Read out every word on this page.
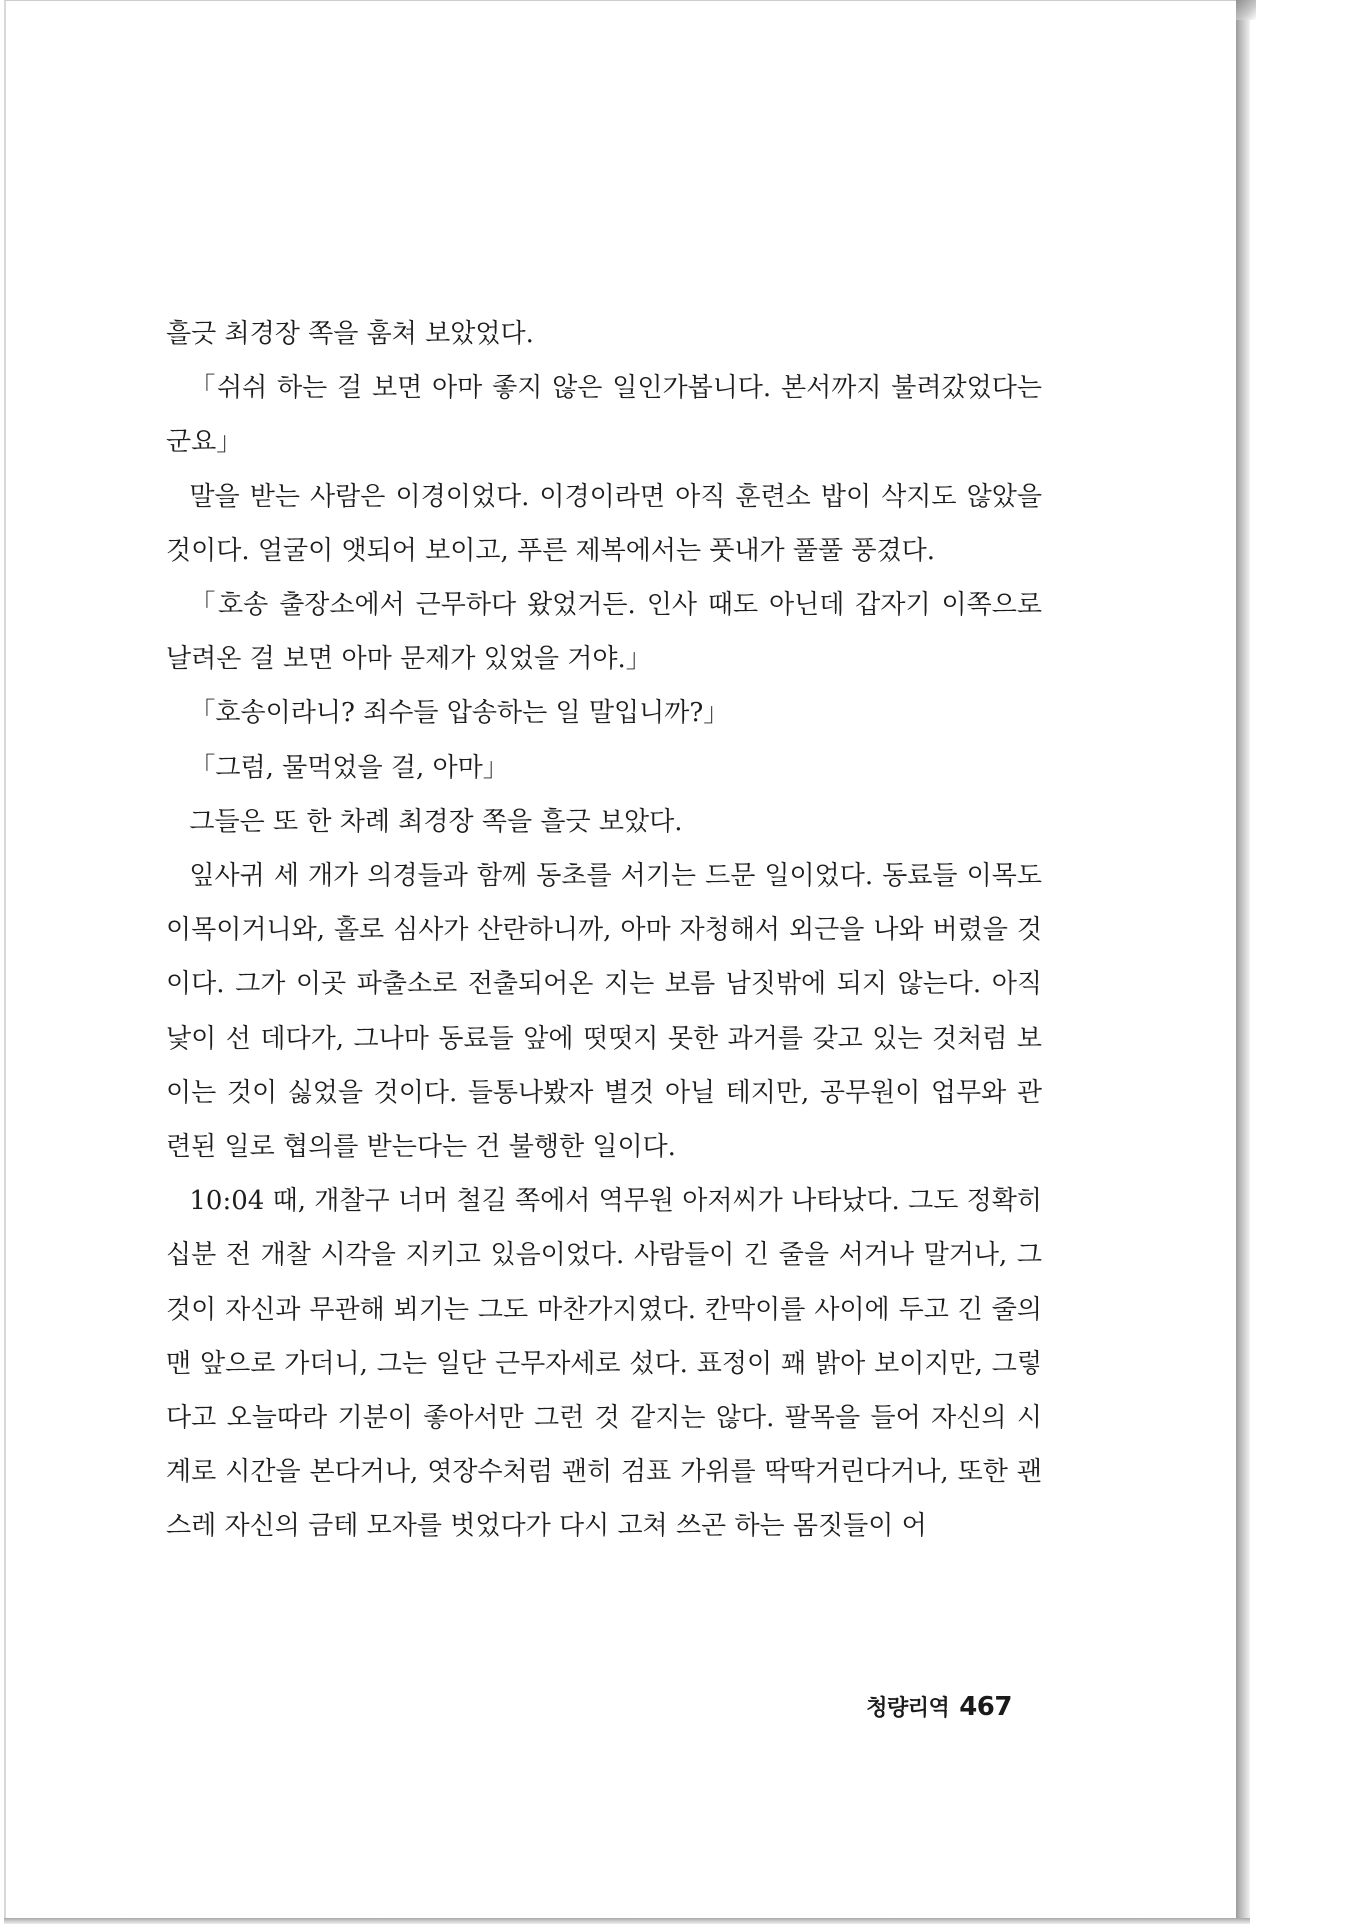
흘긋 최경장 쪽을 훔쳐 보았었다.

「쉬쉬 하는 걸 보면 아마 좋지 않은 일인가봅니다. 본서까지 불려갔었다는군요」

말을 받는 사람은 이경이었다. 이경이라면 아직 훈련소 밥이 삭지도 않았을 것이다. 얼굴이 앳되어 보이고, 푸른 제복에서는 풋내가 풀풀 풍겼다.

「호송 출장소에서 근무하다 왔었거든. 인사 때도 아닌데 갑자기 이쪽으로 날려온 걸 보면 아마 문제가 있었을 거야.」

「호송이라니? 죄수들 압송하는 일 말입니까?」

「그럼, 물먹었을 걸, 아마」

그들은 또 한 차례 최경장 쪽을 흘긋 보았다.

잎사귀 세 개가 의경들과 함께 동초를 서기는 드문 일이었다. 동료들 이목도 이목이거니와, 홀로 심사가 산란하니까, 아마 자청해서 외근을 나와 버렸을 것이다. 그가 이곳 파출소로 전출되어온 지는 보름 남짓밖에 되지 않는다. 아직 낯이 선 데다가, 그나마 동료들 앞에 떳떳지 못한 과거를 갖고 있는 것처럼 보이는 것이 싫었을 것이다. 들통나봤자 별것 아닐 테지만, 공무원이 업무와 관련된 일로 협의를 받는다는 건 불행한 일이다.

10:04 때, 개찰구 너머 철길 쪽에서 역무원 아저씨가 나타났다. 그도 정확히 십분 전 개찰 시각을 지키고 있음이었다. 사람들이 긴 줄을 서거나 말거나, 그것이 자신과 무관해 뵈기는 그도 마찬가지였다. 칸막이를 사이에 두고 긴 줄의 맨 앞으로 가더니, 그는 일단 근무자세로 섰다. 표정이 꽤 밝아 보이지만, 그렇다고 오늘따라 기분이 좋아서만 그런 것 같지는 않다. 팔목을 들어 자신의 시계로 시간을 본다거나, 엿장수처럼 괜히 검표 가위를 딱딱거린다거나, 또한 괜스레 자신의 금테 모자를 벗었다가 다시 고쳐 쓰곤 하는 몸짓들이 어

청량리역 467
